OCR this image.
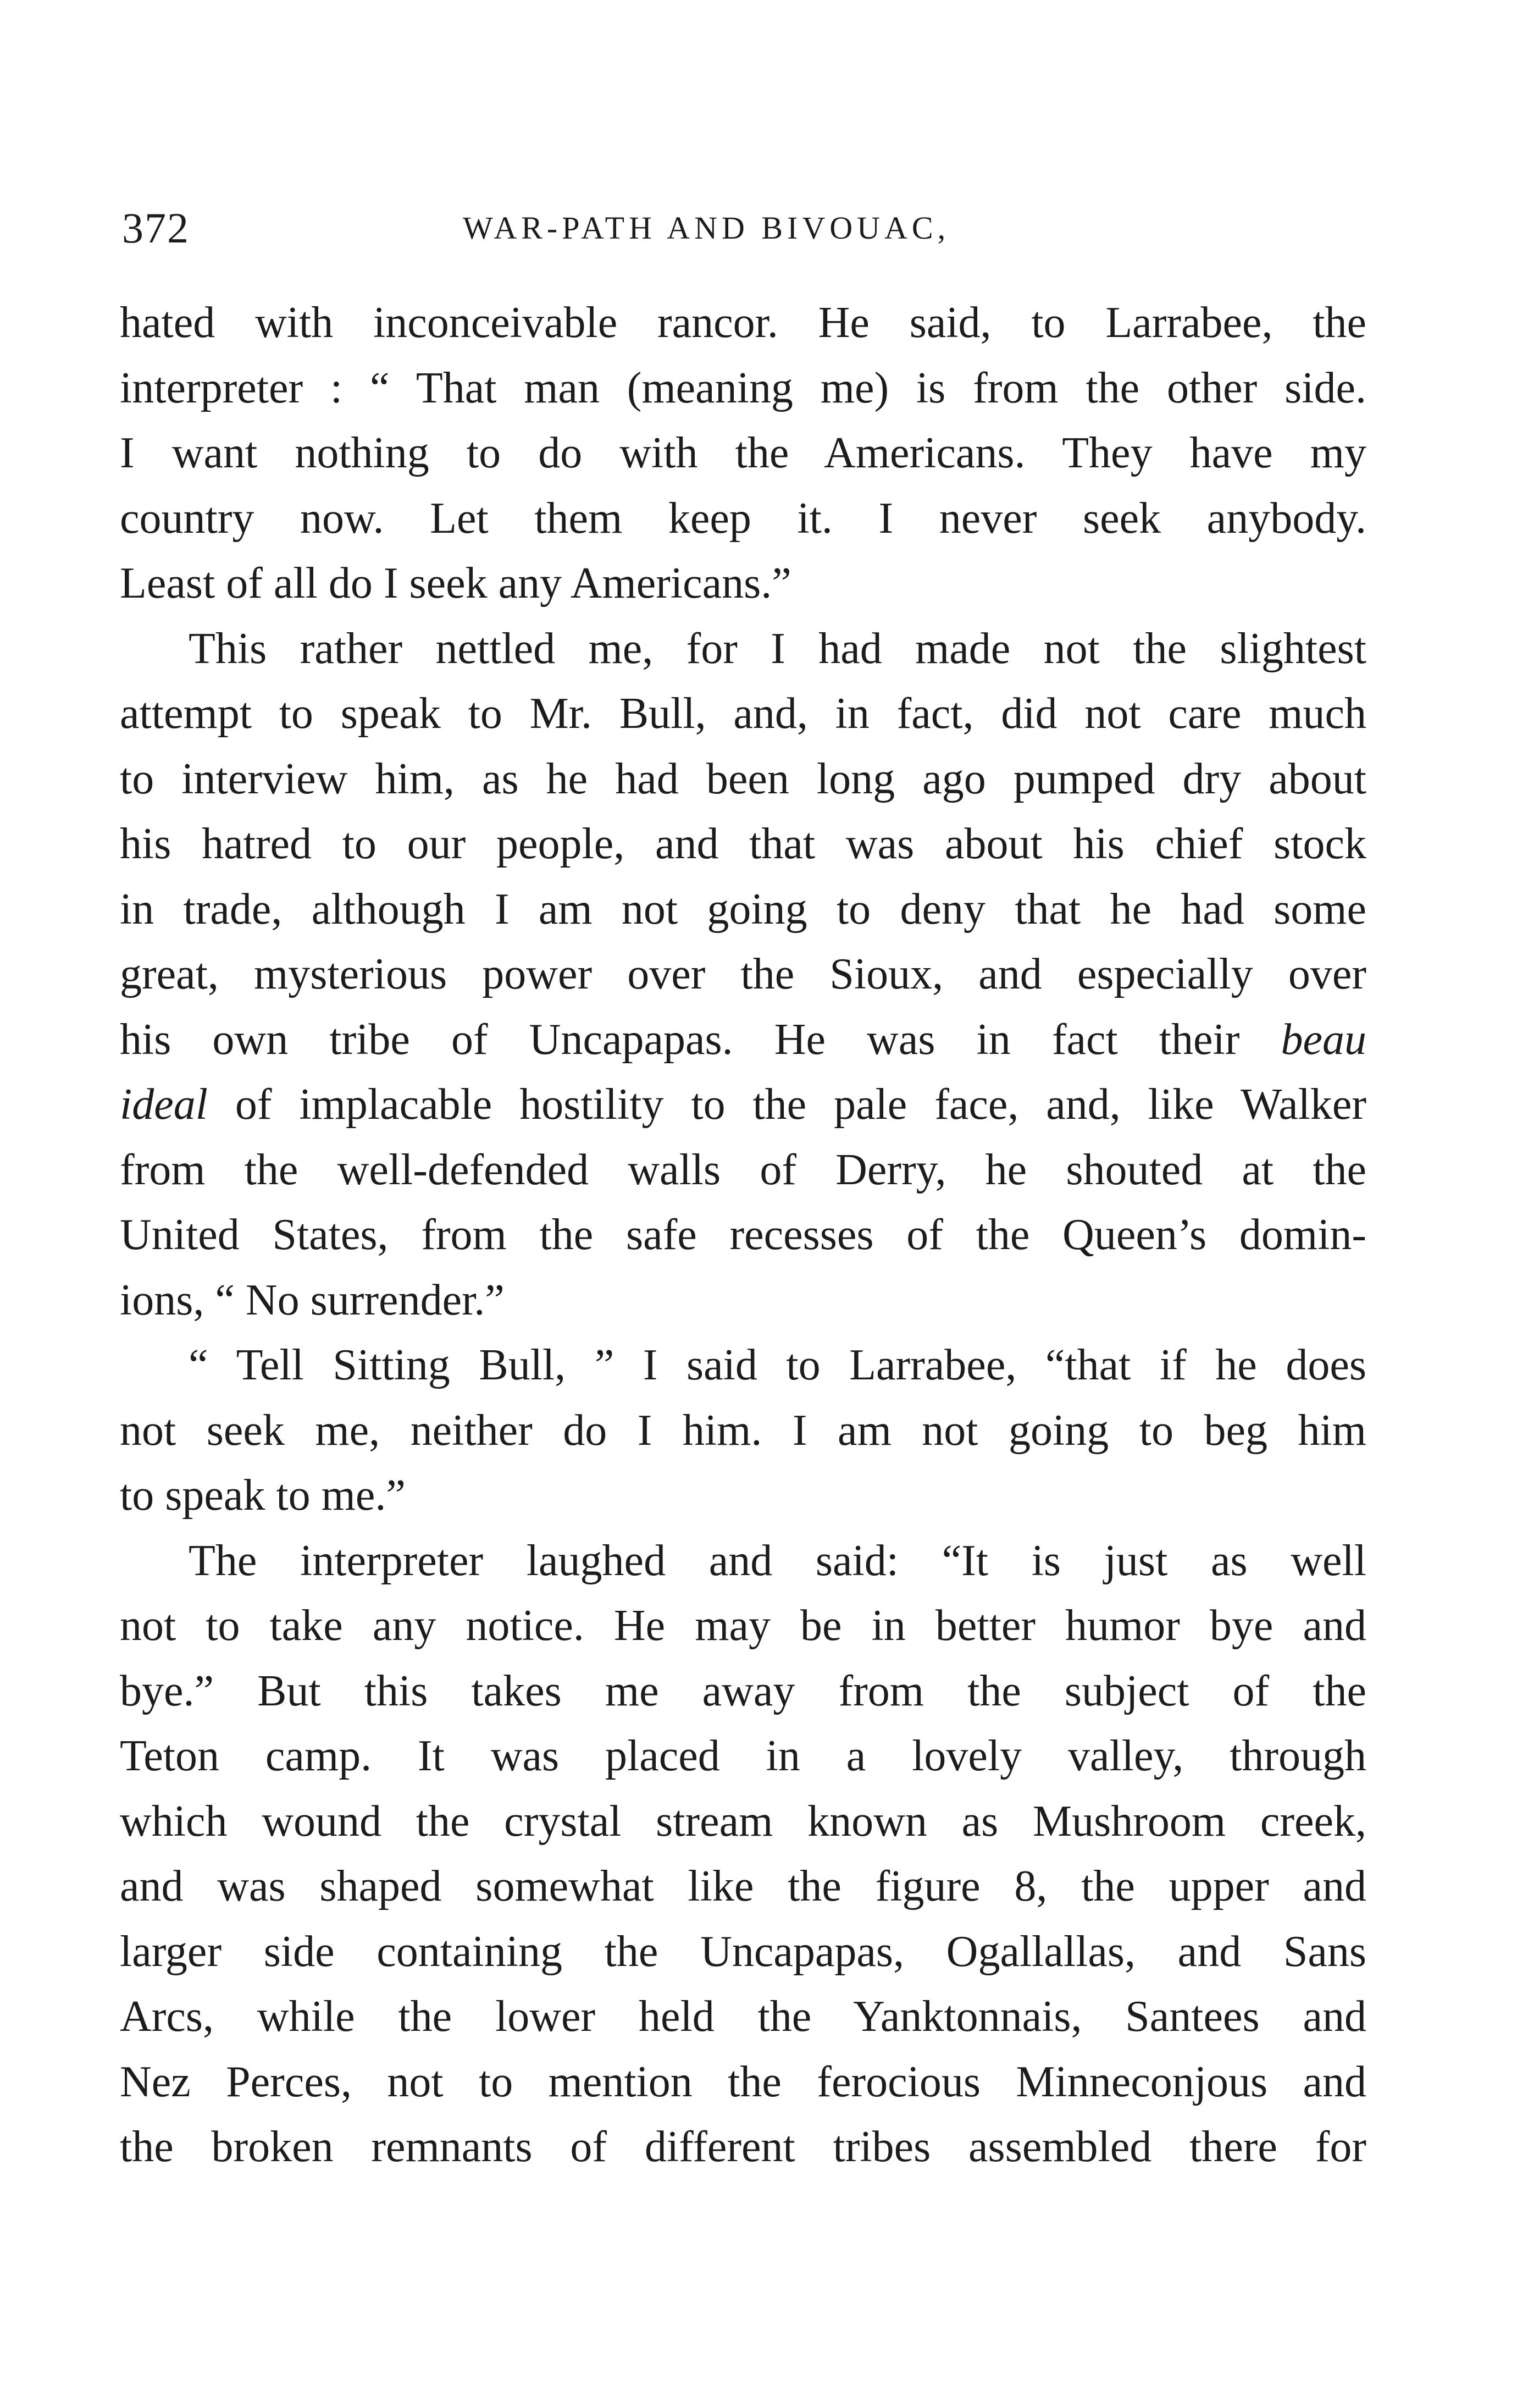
372	WAR-PATH AND BIVOUAC,
hated with inconceivable rancor. He said, to Larrabee, the
interpreter : “ That man (meaning me) is from the other side.
I want nothing to do with the Americans. They have my
country now. Let them keep it. I never seek anybody.
Least of all do I seek any Americans.”
This rather nettled me, for I had made not the slightest
attempt to speak to Mr. Bull, and, in fact, did not care much
to interview him, as he had been long ago pumped dry about
his hatred to our people, and that was about his chief stock
in trade, although I am not going to deny that he had some
great, mysterious power over the Sioux, and especially over
his own tribe of Uncapapas. He was in fact their beau
ideal of implacable hostility to the pale face, and, like Walker
from the well-defended walls of Derry, he shouted at the
United States, from the safe recesses of the Queen’s domin-
ions, “ No surrender.”
“ Tell Sitting Bull, ” I said to Larrabee, “that if he does
not seek me, neither do I him. I am not going to beg him
to speak to me.”
The interpreter laughed and said: “It is just as well
not to take any notice. He may be in better humor bye and
bye.” But this takes me away from the subject of the
Teton camp. It was placed in a lovely valley, through
which wound the crystal stream known as Mushroom creek,
and was shaped somewhat like the figure 8, the upper and
larger side containing the Uncapapas, Ogallallas, and Sans
Arcs, while the lower held the Yanktonnais, Santees and
Nez Perces, not to mention the ferocious Minneconjous and
the broken remnants of different tribes assembled there for
